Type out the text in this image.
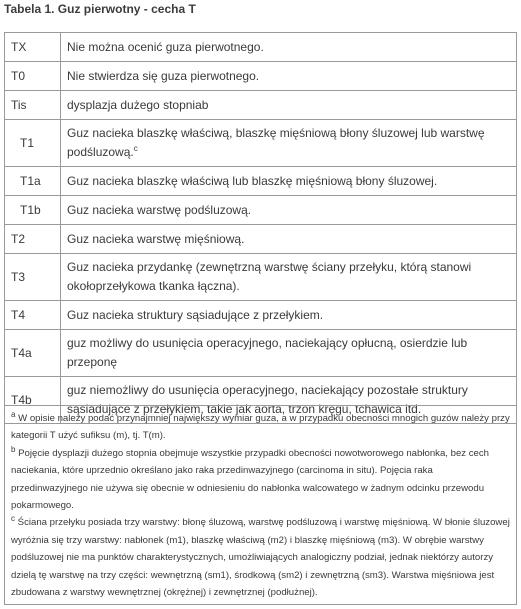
Tabela 1. Guz pierwotny - cecha T
TX	Nie można ocenić guza pierwotnego.
T0	Nie stwierdza się guza pierwotnego.
Tis	dysplazja dużego stopniab
T1	Guz nacieka blaszkę właściwą, blaszkę mięśniową błony śluzowej lub warstwę podśluzową.$^c$
T1a	Guz nacieka blaszkę właściwą lub blaszkę mięśniową błony śluzowej.
T1b	Guz nacieka warstwę podśluzową.
T2	Guz nacieka warstwę mięśniową.
T3	Guz nacieka przydankę (zewnętrzną warstwę ściany przełyku, którą stanowi okołoprzełykowa tkanka łączna).
T4	Guz nacieka struktury sąsiadujące z przełykiem.
T4a	guz możliwy do usunięcia operacyjnego, naciekający opłucną, osierdzie lub przeponę
T4b	guz niemożliwy do usunięcia operacyjnego, naciekający pozostałe struktury sąsiadujące z przełykiem, takie jak aorta, trzon kręgu, tchawica itd.
$^a$ W opisie należy podać przynajmniej największy wymiar guza, a w przypadku obecności mnogich guzów należy przy kategorii T użyć sufiksu (m), tj. T(m).
$^b$ Pojęcie dysplazji dużego stopnia obejmuje wszystkie przypadki obecności nowotworowego nabłonka, bez cech naciekania, które uprzednio określano jako raka przedinwazyjnego (carcinoma in situ). Pojęcia raka przedinwazyjnego nie używa się obecnie w odniesieniu do nabłonka walcowatego w żadnym odcinku przewodu pokarmowego.
$^c$ Ściana przełyku posiada trzy warstwy: błonę śluzową, warstwę podśluzową i warstwę mięśniową. W błonie śluzowej wyróżnia się trzy warstwy: nabłonek (m1), blaszkę właściwą (m2) i blaszkę mięśniową (m3). W obrębie warstwy podśluzowej nie ma punktów charakterystycznych, umożliwiających analogiczny podział, jednak niektórzy autorzy dzielą tę warstwę na trzy części: wewnętrzną (sm1), środkową (sm2) i zewnętrzną (sm3). Warstwa mięśniowa jest zbudowana z warstwy wewnętrznej (okrężnej) i zewnętrznej (podłużnej).
